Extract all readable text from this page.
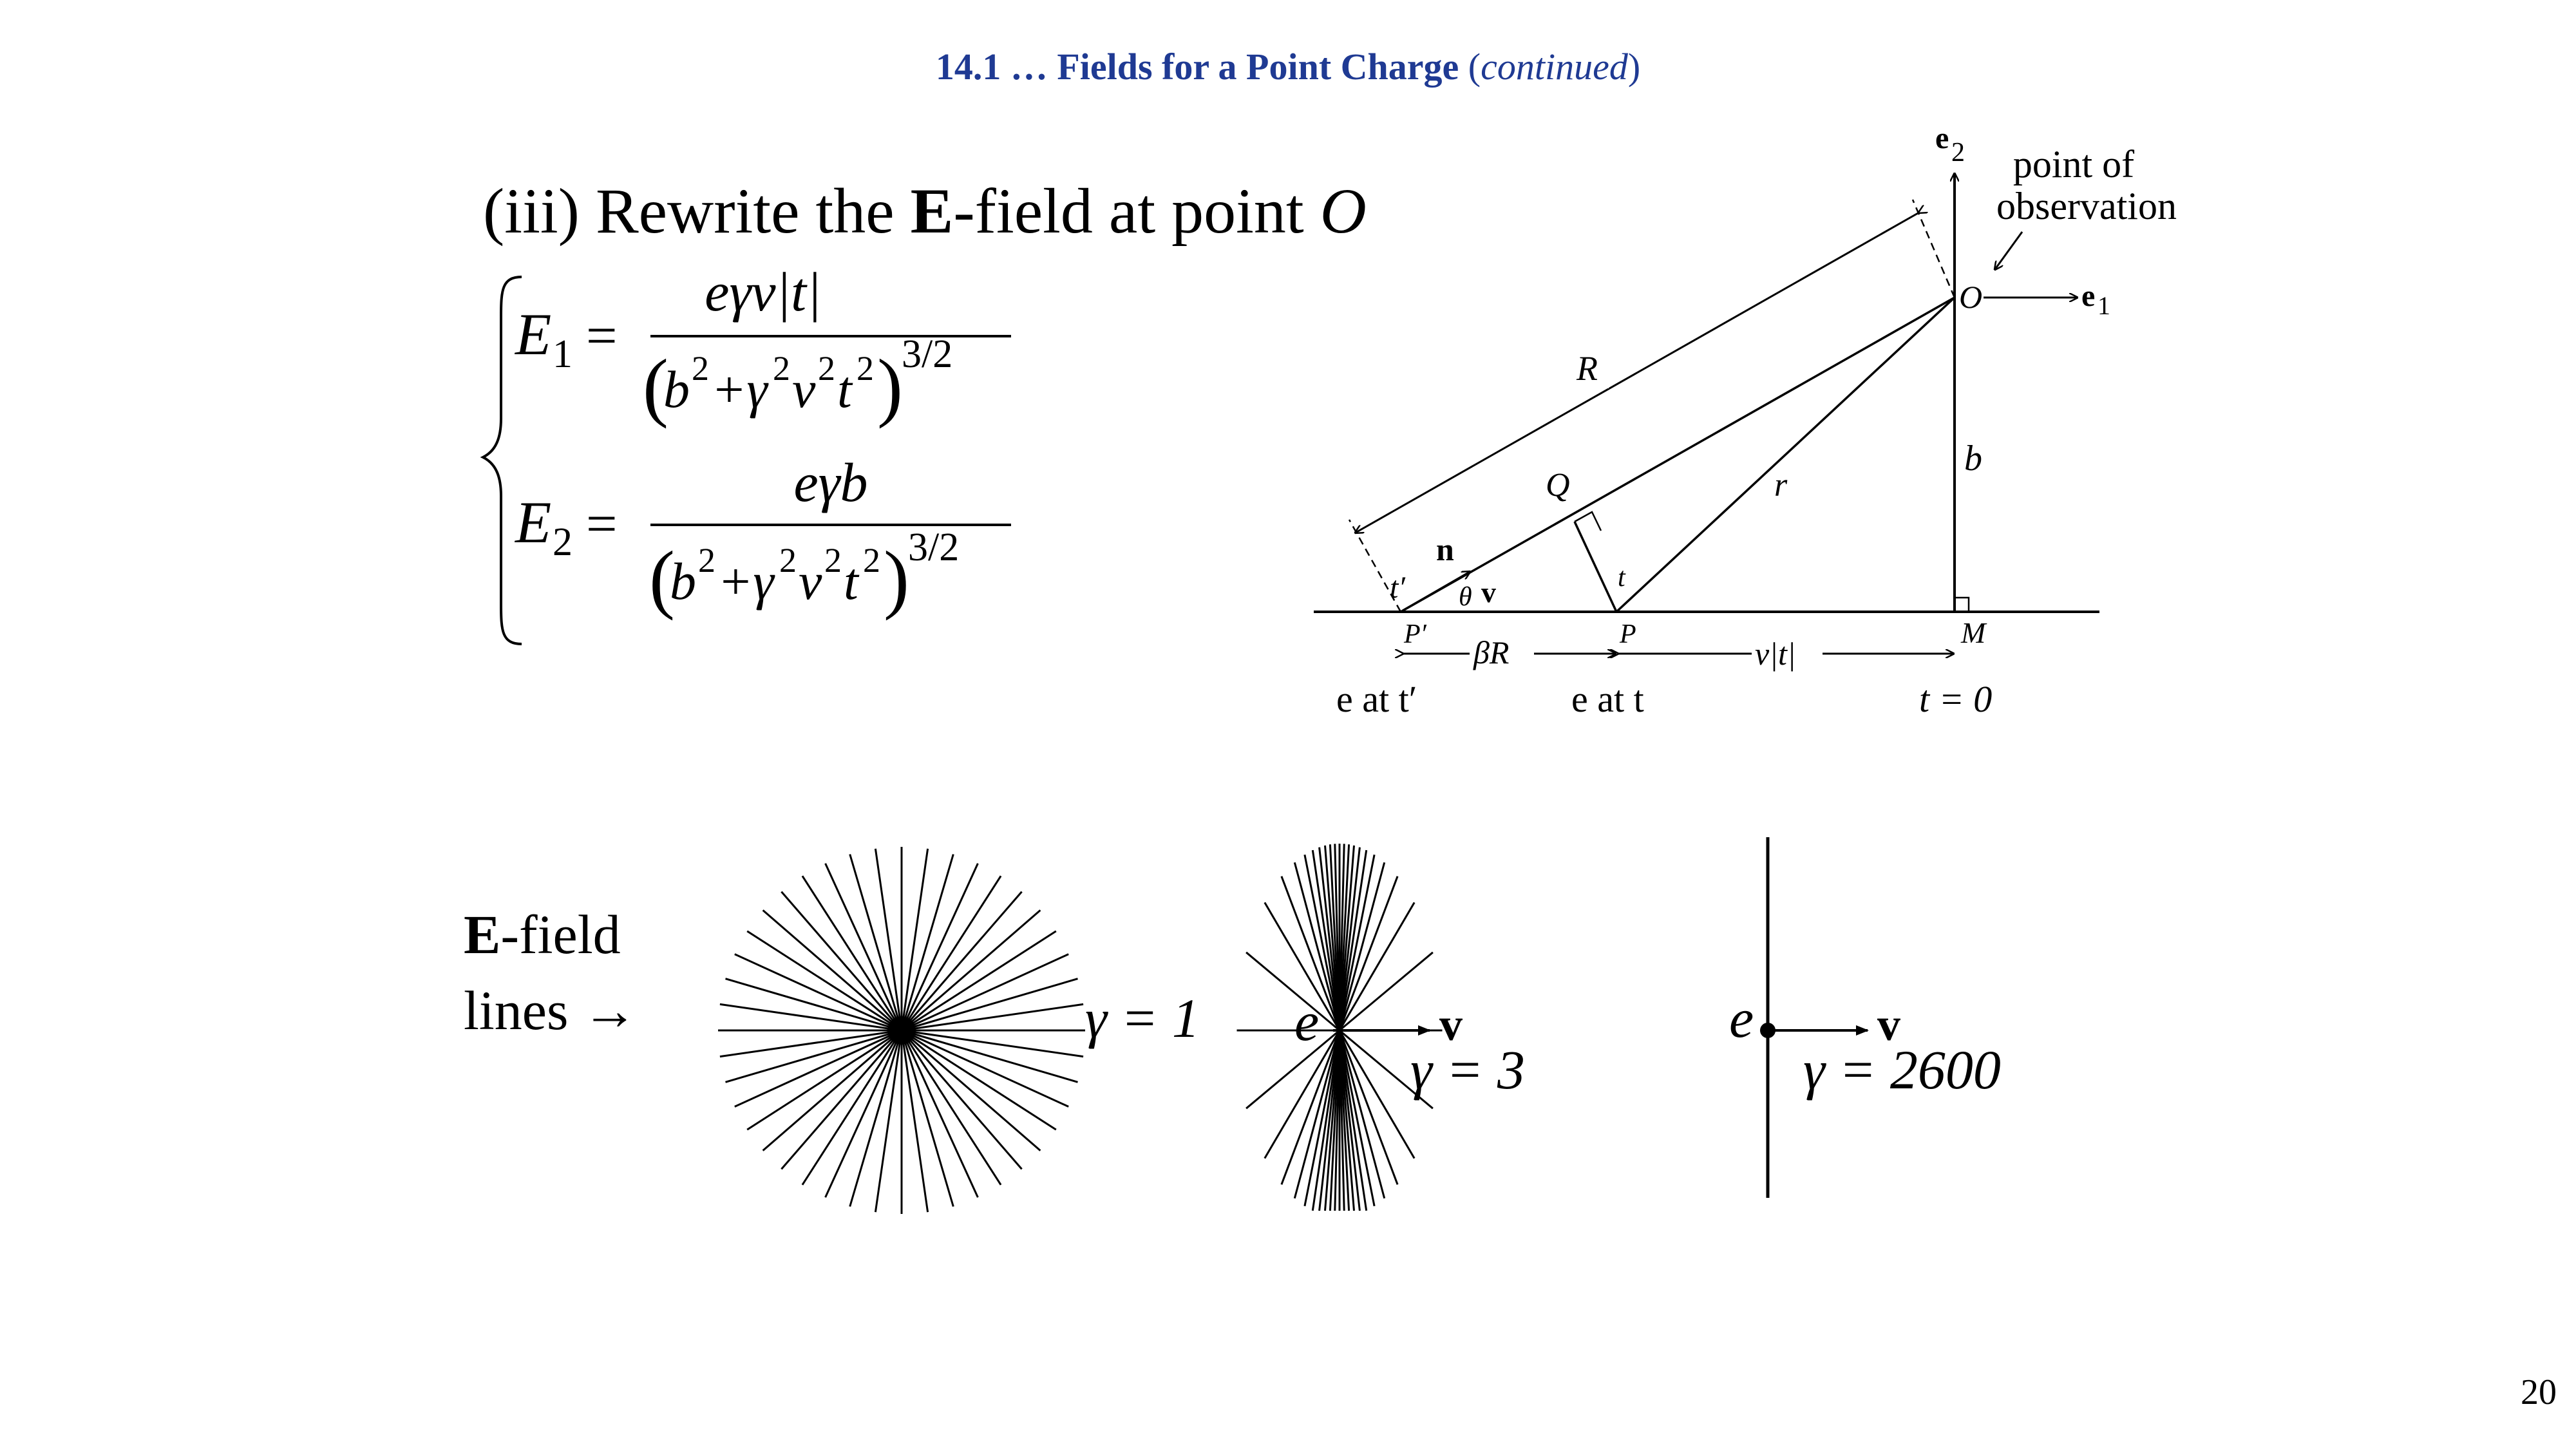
14.1 … Fields for a Point Charge (continued)
(iii) Rewrite the E-field at point O
E 1 =
eγv|t|
(
b 2 +γ 2 v 2 t 2 )
3/2
E 2 =
eγb
(
b 2 +γ 2 v 2 t 2 )
3/2
e 2
e 1
point of
observation
O
R
Q	r
b
n
t′ θ v	t
P′	P	M
βR	v|t|
e at t′	e at t	t = 0
E-field
lines →	γ = 1 e	v
γ = 3
e	v
γ = 2600
20
